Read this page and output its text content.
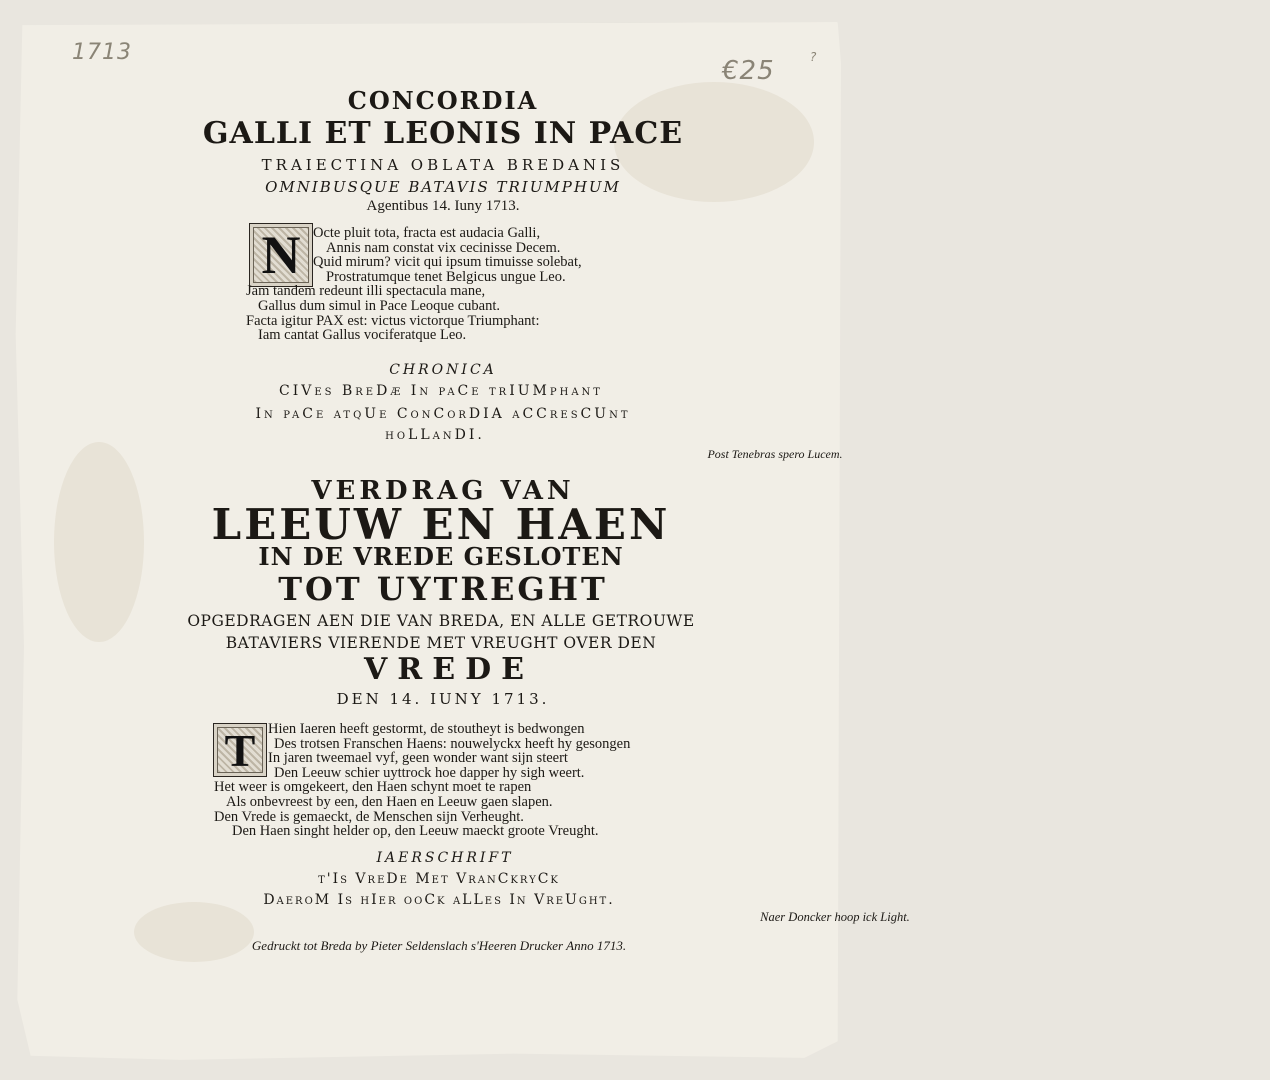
1713
€25	?
CONCORDIA
GALLI ET LEONIS IN PACE
TRAIECTINA OBLATA BREDANIS
OMNIBUSQUE BATAVIS TRIUMPHUM
Agentibus 14. Iuny 1713.
N Octe pluit tota, fracta est audacia Galli,
Annis nam constat vix cecinisse Decem.
Quid mirum? vicit qui ipsum timuisse solebat,
Prostratumque tenet Belgicus ungue Leo.
Jam tandem redeunt illi spectacula mane,
Gallus dum simul in Pace Leoque cubant.
Facta igitur PAX est: victus victorque Triumphant:
Iam cantat Gallus vociferatque Leo.
CHRONICA
CIVes BreDæ In paCe trIUMphant
In paCe atqUe ConCorDIA aCCresCUnt
hoLLanDI.
Post Tenebras spero Lucem.
VERDRAG VAN
LEEUW EN HAEN
IN DE VREDE GESLOTEN
TOT UYTREGHT
OPGEDRAGEN AEN DIE VAN BREDA, EN ALLE GETROUWE
BATAVIERS VIERENDE MET VREUGHT OVER DEN
VREDE
DEN 14. IUNY 1713.
T Hien Iaeren heeft gestormt, de stoutheyt is bedwongen
Des trotsen Franschen Haens: nouwelyckx heeft hy gesongen
In jaren tweemael vyf, geen wonder want sijn steert
Den Leeuw schier uyttrock hoe dapper hy sigh weert.
Het weer is omgekeert, den Haen schynt moet te rapen
Als onbevreest by een, den Haen en Leeuw gaen slapen.
Den Vrede is gemaeckt, de Menschen sijn Verheught.
Den Haen singht helder op, den Leeuw maeckt groote Vreught.
IAERSCHRIFT
t'Is VreDe Met VranCkryCk
DaeroM Is hIer ooCk aLLes In VreUght.
Naer Doncker hoop ick Light.
Gedruckt tot Breda by Pieter Seldenslach s'Heeren Drucker Anno 1713.
